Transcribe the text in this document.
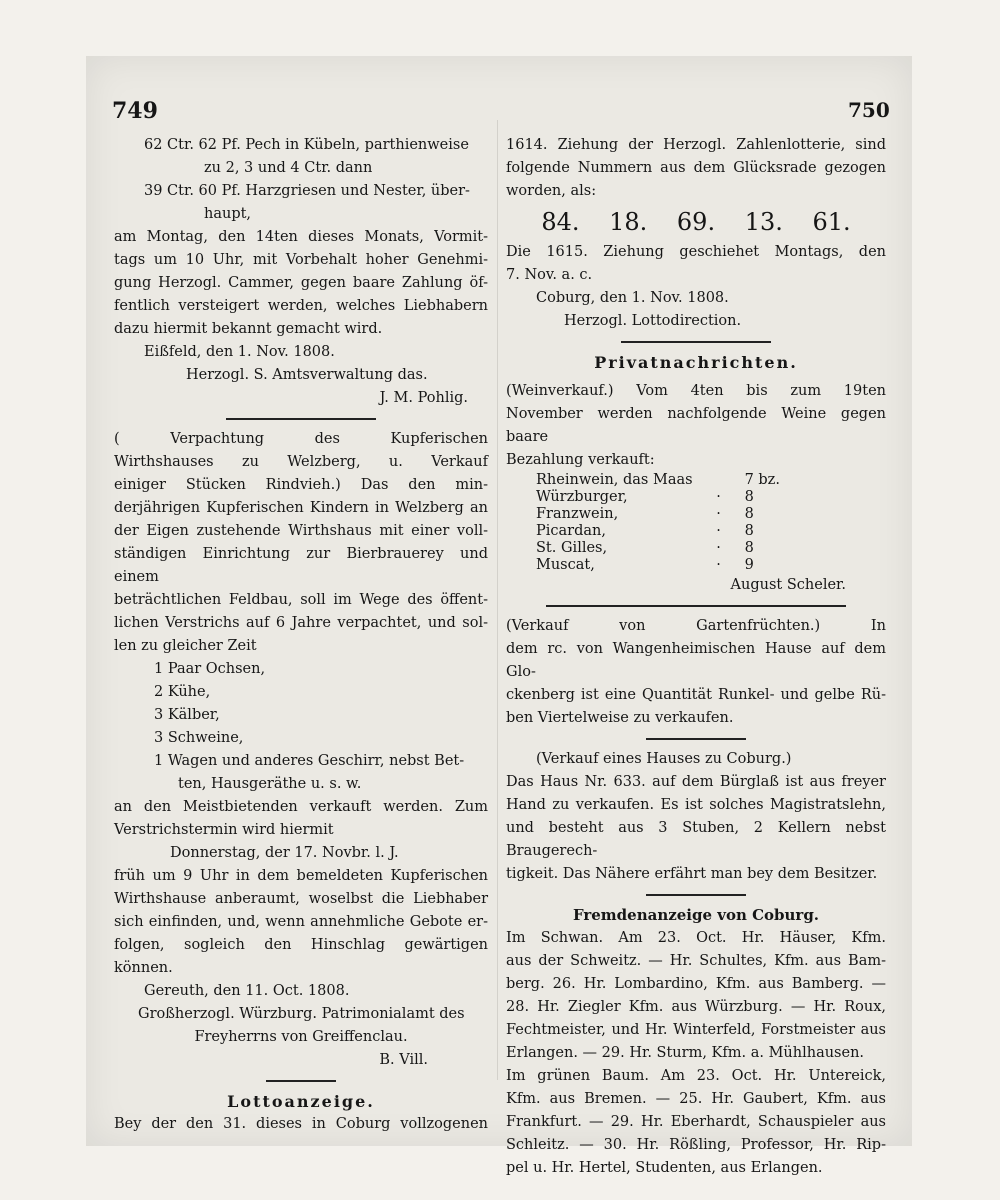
749	750
62 Ctr. 62 Pf. Pech in Kübeln, parthienweise
zu 2, 3 und 4 Ctr. dann
39 Ctr. 60 Pf. Harzgriesen und Nester, über-
haupt,
am Montag, den 14ten dieses Monats, Vormit-
tags um 10 Uhr, mit Vorbehalt hoher Genehmi-
gung Herzogl. Cammer, gegen baare Zahlung öf-
fentlich versteigert werden, welches Liebhabern
dazu hiermit bekannt gemacht wird.
Eißfeld, den 1. Nov. 1808.
Herzogl. S. Amtsverwaltung das.
J. M. Pohlig.
( Verpachtung des Kupferischen
Wirthshauses zu Welzberg, u. Verkauf
einiger Stücken Rindvieh.) Das den min-
derjährigen Kupferischen Kindern in Welzberg an
der Eigen zustehende Wirthshaus mit einer voll-
ständigen Einrichtung zur Bierbrauerey und einem
beträchtlichen Feldbau, soll im Wege des öffent-
lichen Verstrichs auf 6 Jahre verpachtet, und sol-
len zu gleicher Zeit
1 Paar Ochsen,
2 Kühe,
3 Kälber,
3 Schweine,
1 Wagen und anderes Geschirr, nebst Bet-
ten, Hausgeräthe u. s. w.
an den Meistbietenden verkauft werden. Zum
Verstrichstermin wird hiermit
Donnerstag, der 17. Novbr. l. J.
früh um 9 Uhr in dem bemeldeten Kupferischen
Wirthshause anberaumt, woselbst die Liebhaber
sich einfinden, und, wenn annehmliche Gebote er-
folgen, sogleich den Hinschlag gewärtigen können.
Gereuth, den 11. Oct. 1808.
Großherzogl. Würzburg. Patrimonialamt des
Freyherrns von Greiffenclau.
B. Vill.
Lottoanzeige.
Bey der den 31. dieses in Coburg vollzogenen
1614. Ziehung der Herzogl. Zahlenlotterie, sind
folgende Nummern aus dem Glücksrade gezogen
worden, als:
84. 18. 69. 13. 61.
Die 1615. Ziehung geschiehet Montags, den
7. Nov. a. c.
Coburg, den 1. Nov. 1808.
Herzogl. Lottodirection.
Privatnachrichten.
(Weinverkauf.) Vom 4ten bis zum 19ten
November werden nachfolgende Weine gegen baare
Bezahlung verkauft:
Rheinwein, das Maas		7 bz.
Würzburger,	·	8
Franzwein,	·	8
Picardan,	·	8
St. Gilles,	·	8
Muscat,	·	9
August Scheler.
(Verkauf von Gartenfrüchten.) In
dem rc. von Wangenheimischen Hause auf dem Glo-
ckenberg ist eine Quantität Runkel- und gelbe Rü-
ben Viertelweise zu verkaufen.
(Verkauf eines Hauses zu Coburg.)
Das Haus Nr. 633. auf dem Bürglaß ist aus freyer
Hand zu verkaufen. Es ist solches Magistratslehn,
und besteht aus 3 Stuben, 2 Kellern nebst Braugerech-
tigkeit. Das Nähere erfährt man bey dem Besitzer.
Fremdenanzeige von Coburg.
Im Schwan. Am 23. Oct. Hr. Häuser, Kfm.
aus der Schweitz. — Hr. Schultes, Kfm. aus Bam-
berg. 26. Hr. Lombardino, Kfm. aus Bamberg. —
28. Hr. Ziegler Kfm. aus Würzburg. — Hr. Roux,
Fechtmeister, und Hr. Winterfeld, Forstmeister aus
Erlangen. — 29. Hr. Sturm, Kfm. a. Mühlhausen.
Im grünen Baum. Am 23. Oct. Hr. Untereick,
Kfm. aus Bremen. — 25. Hr. Gaubert, Kfm. aus
Frankfurt. — 29. Hr. Eberhardt, Schauspieler aus
Schleitz. — 30. Hr. Rößling, Professor, Hr. Rip-
pel u. Hr. Hertel, Studenten, aus Erlangen.
